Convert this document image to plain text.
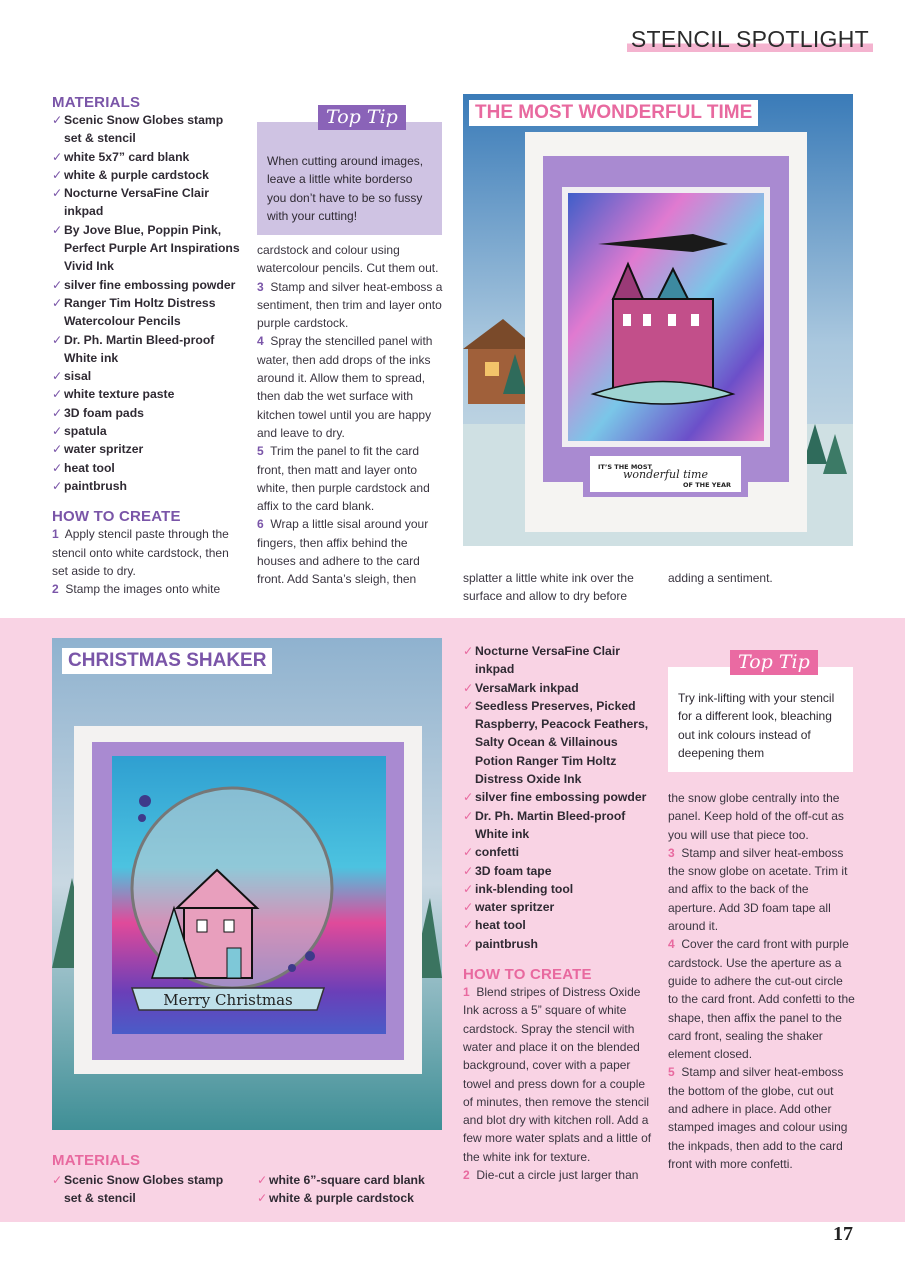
STENCIL SPOTLIGHT
MATERIALS
✓ Scenic Snow Globes stamp set & stencil
✓ white 5x7” card blank
✓ white & purple cardstock
✓ Nocturne VersaFine Clair inkpad
✓ By Jove Blue, Poppin Pink, Perfect Purple Art Inspirations Vivid Ink
✓ silver fine embossing powder
✓ Ranger Tim Holtz Distress Watercolour Pencils
✓ Dr. Ph. Martin Bleed-proof White ink
✓ sisal
✓ white texture paste
✓ 3D foam pads
✓ spatula
✓ water spritzer
✓ heat tool
✓ paintbrush
HOW TO CREATE

1 Apply stencil paste through the stencil onto white cardstock, then set aside to dry.

2 Stamp the images onto white

When cutting around images, leave a little white borderso you don’t have to be so fussy with your cutting!
Top Tip

cardstock and colour using watercolour pencils. Cut them out.

3 Stamp and silver heat-emboss a sentiment, then trim and layer onto purple cardstock.

4 Spray the stencilled panel with water, then add drops of the inks around it. Allow them to spread, then dab the wet surface with kitchen towel until you are happy and leave to dry.

5 Trim the panel to fit the card front, then matt and layer onto white, then purple cardstock and affix to the card blank.

6 Wrap a little sisal around your fingers, then affix behind the houses and adhere to the card front. Add Santa’s sleigh, then

IT’S THE MOST
wonderful time
OF THE YEAR
THE MOST WONDERFUL TIME
splatter a little white ink over the surface and allow to dry before
adding a sentiment.
Merry Christmas
CHRISTMAS SHAKER
MATERIALS
✓ Scenic Snow Globes stamp set & stencil
✓ white 6”-square card blank
✓ white & purple cardstock
✓ Nocturne VersaFine Clair inkpad
✓ VersaMark inkpad
✓ Seedless Preserves, Picked Raspberry, Peacock Feathers, Salty Ocean & Villainous Potion Ranger Tim Holtz Distress Oxide Ink
✓ silver fine embossing powder
✓ Dr. Ph. Martin Bleed-proof White ink
✓ confetti
✓ 3D foam tape
✓ ink-blending tool
✓ water spritzer
✓ heat tool
✓ paintbrush
HOW TO CREATE

1 Blend stripes of Distress Oxide Ink across a 5” square of white cardstock. Spray the stencil with water and place it on the blended background, cover with a paper towel and press down for a couple of minutes, then remove the stencil and blot dry with kitchen roll. Add a few more water splats and a little of the white ink for texture.

2 Die-cut a circle just larger than

Try ink-lifting with your stencil for a different look, bleaching out ink colours instead of deepening them
Top Tip

the snow globe centrally into the panel. Keep hold of the off-cut as you will use that piece too.

3 Stamp and silver heat-emboss the snow globe on acetate. Trim it and affix to the back of the aperture. Add 3D foam tape all around it.

4 Cover the card front with purple cardstock. Use the aperture as a guide to adhere the cut-out circle to the card front. Add confetti to the shape, then affix the panel to the card front, sealing the shaker element closed.

5 Stamp and silver heat-emboss the bottom of the globe, cut out and adhere in place. Add other stamped images and colour using the inkpads, then add to the card front with more confetti.

17
